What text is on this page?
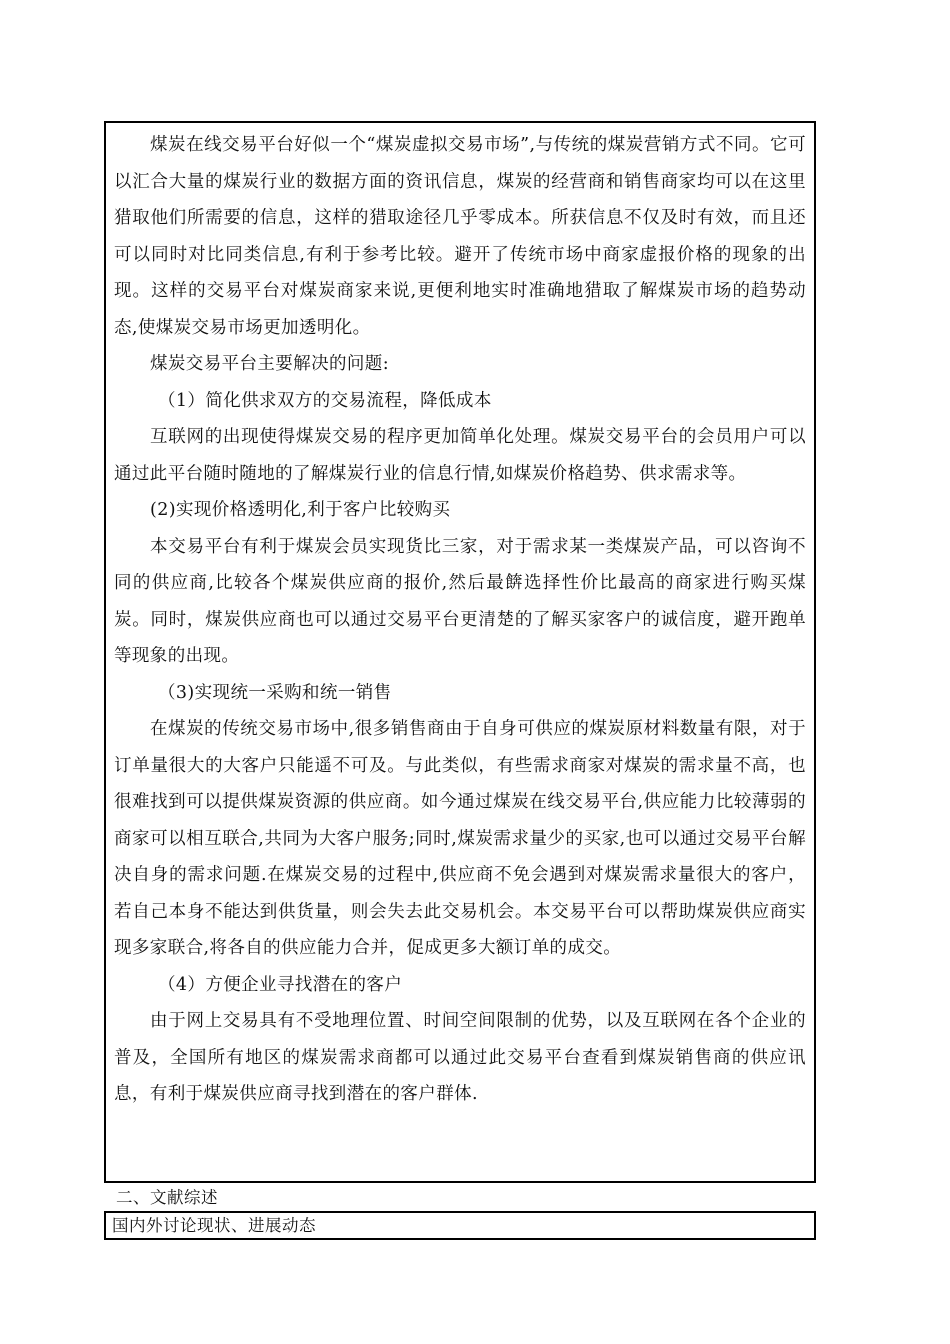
煤炭在线交易平台好似一个“煤炭虚拟交易市场”,与传统的煤炭营销方式不同。它可以汇合大量的煤炭行业的数据方面的资讯信息，煤炭的经营商和销售商家均可以在这里猎取他们所需要的信息，这样的猎取途径几乎零成本。所获信息不仅及时有效，而且还可以同时对比同类信息,有利于参考比较。避开了传统市场中商家虚报价格的现象的出现。这样的交易平台对煤炭商家来说,更便利地实时准确地猎取了解煤炭市场的趋势动态,使煤炭交易市场更加透明化。

煤炭交易平台主要解决的问题:

（1）简化供求双方的交易流程，降低成本

互联网的出现使得煤炭交易的程序更加简单化处理。煤炭交易平台的会员用户可以通过此平台随时随地的了解煤炭行业的信息行情,如煤炭价格趋势、供求需求等。

(2)实现价格透明化,利于客户比较购买

本交易平台有利于煤炭会员实现货比三家，对于需求某一类煤炭产品，可以咨询不同的供应商,比较各个煤炭供应商的报价,然后最餴选择性价比最高的商家进行购买煤炭。同时，煤炭供应商也可以通过交易平台更清楚的了解买家客户的诚信度，避开跑单等现象的出现。

（3)实现统一采购和统一销售

在煤炭的传统交易市场中,很多销售商由于自身可供应的煤炭原材料数量有限，对于订单量很大的大客户只能遥不可及。与此类似，有些需求商家对煤炭的需求量不高，也很难找到可以提供煤炭资源的供应商。如今通过煤炭在线交易平台,供应能力比较薄弱的商家可以相互联合,共同为大客户服务;同时,煤炭需求量少的买家,也可以通过交易平台解决自身的需求问题.在煤炭交易的过程中,供应商不免会遇到对煤炭需求量很大的客户，若自己本身不能达到供货量，则会失去此交易机会。本交易平台可以帮助煤炭供应商实现多家联合,将各自的供应能力合并，促成更多大额订单的成交。

（4）方便企业寻找潜在的客户

由于网上交易具有不受地理位置、时间空间限制的优势，以及互联网在各个企业的普及，全国所有地区的煤炭需求商都可以通过此交易平台查看到煤炭销售商的供应讯息，有利于煤炭供应商寻找到潜在的客户群体.

二、文献综述

国内外讨论现状、进展动态
